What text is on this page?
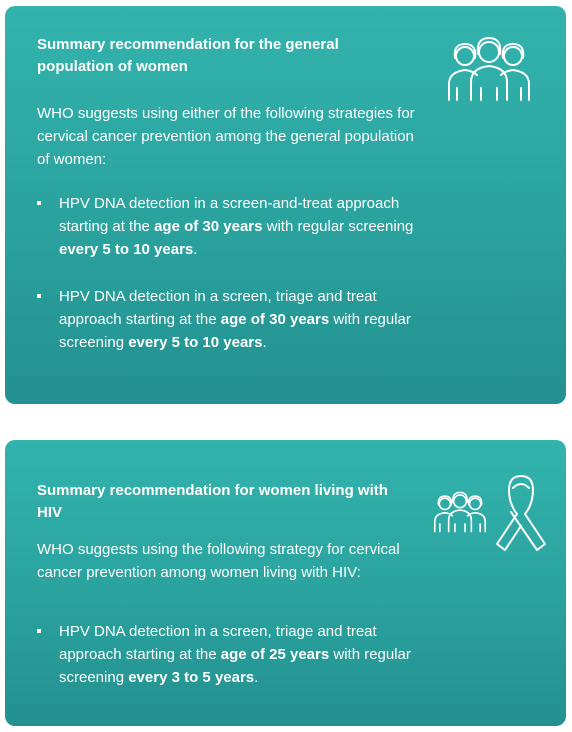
Summary recommendation for the general population of women

WHO suggests using either of the following strategies for cervical cancer prevention among the general population of women:

HPV DNA detection in a screen-and-treat approach starting at the age of 30 years with regular screening every 5 to 10 years.
HPV DNA detection in a screen, triage and treat approach starting at the age of 30 years with regular screening every 5 to 10 years.
Summary recommendation for women living with HIV

WHO suggests using the following strategy for cervical cancer prevention among women living with HIV:

HPV DNA detection in a screen, triage and treat approach starting at the age of 25 years with regular screening every 3 to 5 years.
